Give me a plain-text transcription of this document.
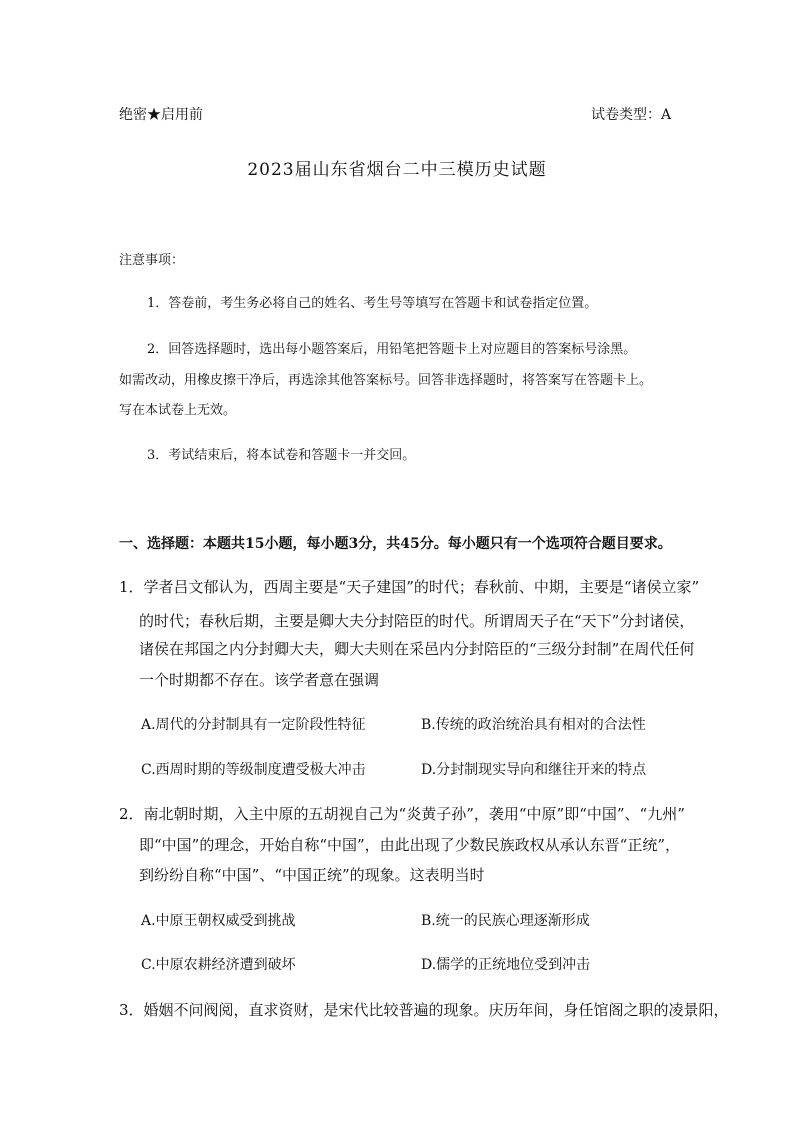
绝密★启用前	试卷类型：A
2023届山东省烟台二中三模历史试题
注意事项：
1．答卷前，考生务必将自己的姓名、考生号等填写在答题卡和试卷指定位置。
2．回答选择题时，选出每小题答案后，用铅笔把答题卡上对应题目的答案标号涂黑。
如需改动，用橡皮擦干净后，再选涂其他答案标号。回答非选择题时，将答案写在答题卡上。
写在本试卷上无效。
3．考试结束后，将本试卷和答题卡一并交回。
一、选择题：本题共15小题，每小题3分，共45分。每小题只有一个选项符合题目要求。
1．学者吕文郁认为，西周主要是“天子建国”的时代；春秋前、中期，主要是“诸侯立家”
的时代；春秋后期，主要是卿大夫分封陪臣的时代。所谓周天子在“天下”分封诸侯，
诸侯在邦国之内分封卿大夫，卿大夫则在采邑内分封陪臣的“三级分封制”在周代任何
一个时期都不存在。该学者意在强调
A.周代的分封制具有一定阶段性特征	B.传统的政治统治具有相对的合法性
C.西周时期的等级制度遭受极大冲击	D.分封制现实导向和继往开来的特点
2．南北朝时期，入主中原的五胡视自己为“炎黄子孙”，袭用“中原”即“中国”、“九州”
即“中国”的理念，开始自称“中国”，由此出现了少数民族政权从承认东晋“正统”，
到纷纷自称“中国”、“中国正统”的现象。这表明当时
A.中原王朝权威受到挑战	B.统一的民族心理逐渐形成
C.中原农耕经济遭到破坏	D.儒学的正统地位受到冲击
3．婚姻不问阀阅，直求资财，是宋代比较普遍的现象。庆历年间，身任馆阁之职的凌景阳，
